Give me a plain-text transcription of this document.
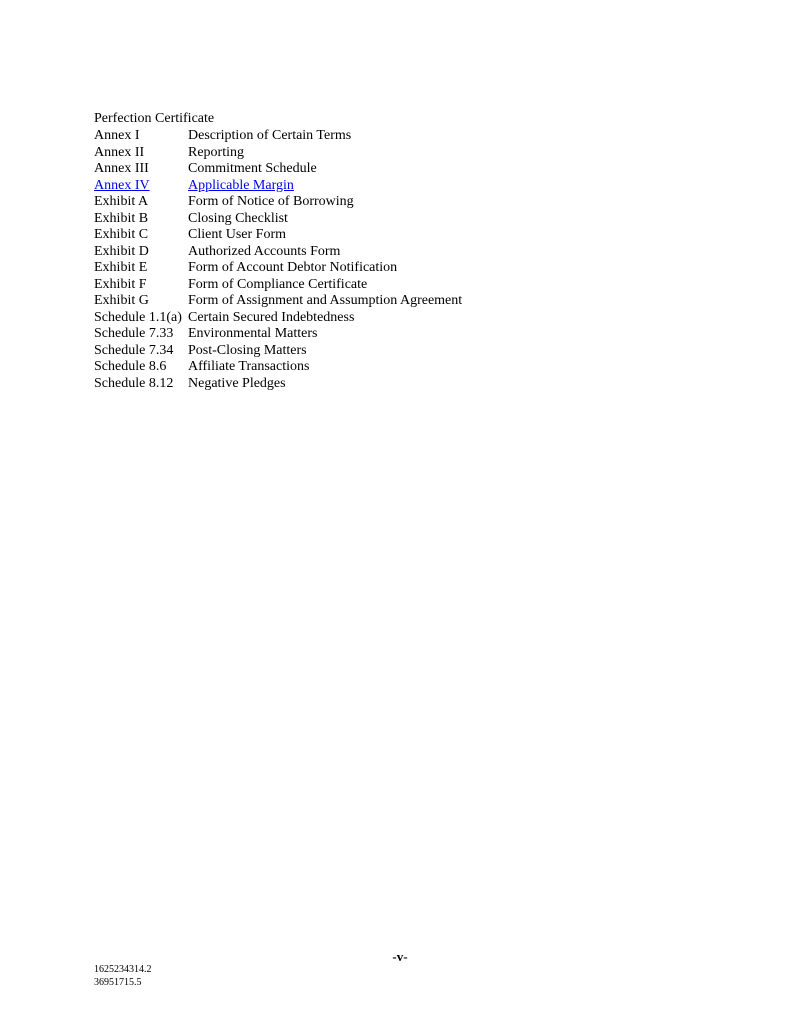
Perfection Certificate
Annex I	Description of Certain Terms
Annex II	Reporting
Annex III	Commitment Schedule
Annex IV	Applicable Margin
Exhibit A	Form of Notice of Borrowing
Exhibit B	Closing Checklist
Exhibit C	Client User Form
Exhibit D	Authorized Accounts Form
Exhibit E	Form of Account Debtor Notification
Exhibit F	Form of Compliance Certificate
Exhibit G	Form of Assignment and Assumption Agreement
Schedule 1.1(a) Certain Secured Indebtedness
Schedule 7.33	Environmental Matters
Schedule 7.34	Post-Closing Matters
Schedule 8.6	Affiliate Transactions
Schedule 8.12	Negative Pledges
-v-
1625234314.2
36951715.5
